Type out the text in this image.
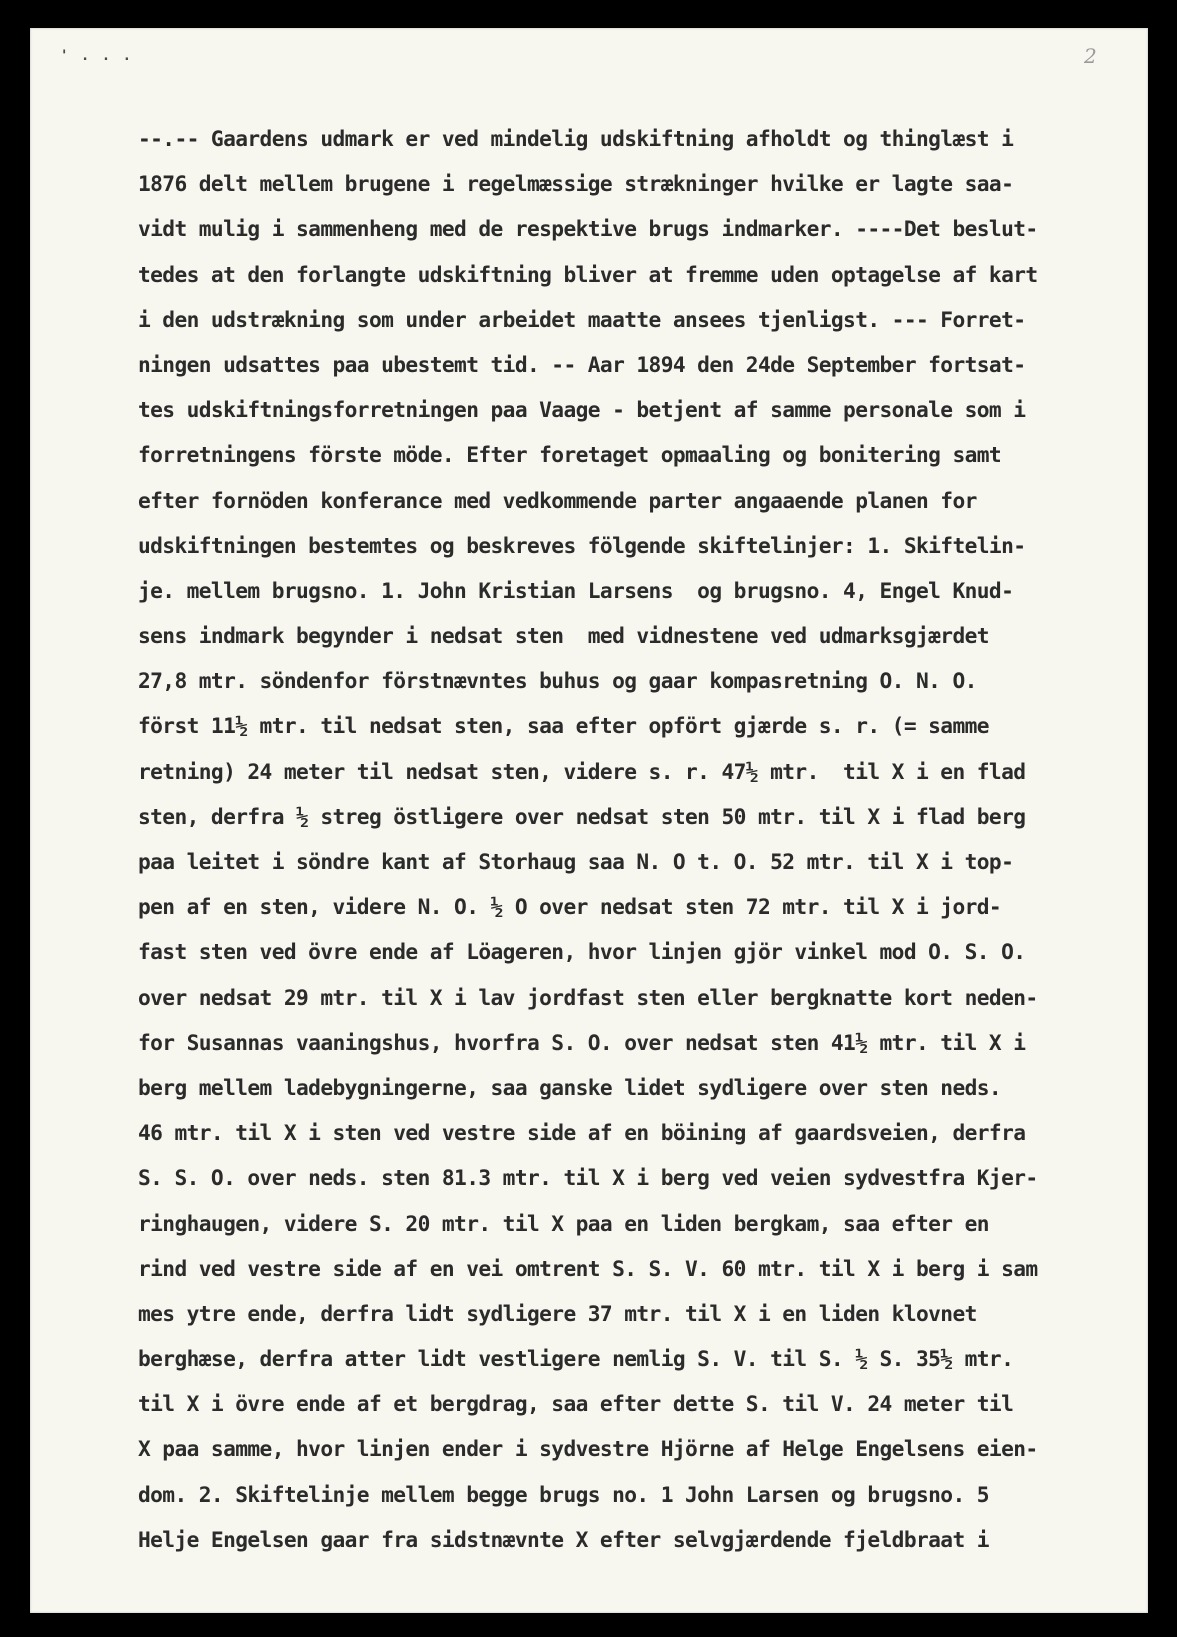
' . . .	2
--.-- Gaardens udmark er ved mindelig udskiftning afholdt og thinglæst i
1876 delt mellem brugene i regelmæssige strækninger hvilke er lagte saa-
vidt mulig i sammenheng med de respektive brugs indmarker. ----Det beslut-
tedes at den forlangte udskiftning bliver at fremme uden optagelse af kart
i den udstrækning som under arbeidet maatte ansees tjenligst. --- Forret-
ningen udsattes paa ubestemt tid. -- Aar 1894 den 24de September fortsat-
tes udskiftningsforretningen paa Vaage - betjent af samme personale som i
forretningens förste möde. Efter foretaget opmaaling og bonitering samt
efter fornöden konferance med vedkommende parter angaaende planen for
udskiftningen bestemtes og beskreves fölgende skiftelinjer: 1. Skiftelin-
je. mellem brugsno. 1. John Kristian Larsens  og brugsno. 4, Engel Knud-
sens indmark begynder i nedsat sten  med vidnestene ved udmarksgjærdet
27,8 mtr. söndenfor förstnævntes buhus og gaar kompasretning O. N. O.
först 11½ mtr. til nedsat sten, saa efter opfört gjærde s. r. (= samme
retning) 24 meter til nedsat sten, videre s. r. 47½ mtr.  til X i en flad
sten, derfra ½ streg östligere over nedsat sten 50 mtr. til X i flad berg
paa leitet i söndre kant af Storhaug saa N. O t. O. 52 mtr. til X i top-
pen af en sten, videre N. O. ½ O over nedsat sten 72 mtr. til X i jord-
fast sten ved övre ende af Löageren, hvor linjen gjör vinkel mod O. S. O.
over nedsat 29 mtr. til X i lav jordfast sten eller bergknatte kort neden-
for Susannas vaaningshus, hvorfra S. O. over nedsat sten 41½ mtr. til X i
berg mellem ladebygningerne, saa ganske lidet sydligere over sten neds.
46 mtr. til X i sten ved vestre side af en böining af gaardsveien, derfra
S. S. O. over neds. sten 81.3 mtr. til X i berg ved veien sydvestfra Kjer-
ringhaugen, videre S. 20 mtr. til X paa en liden bergkam, saa efter en
rind ved vestre side af en vei omtrent S. S. V. 60 mtr. til X i berg i sam
mes ytre ende, derfra lidt sydligere 37 mtr. til X i en liden klovnet
berghæse, derfra atter lidt vestligere nemlig S. V. til S. ½ S. 35½ mtr.
til X i övre ende af et bergdrag, saa efter dette S. til V. 24 meter til
X paa samme, hvor linjen ender i sydvestre Hjörne af Helge Engelsens eien-
dom. 2. Skiftelinje mellem begge brugs no. 1 John Larsen og brugsno. 5
Helje Engelsen gaar fra sidstnævnte X efter selvgjærdende fjeldbraat i
